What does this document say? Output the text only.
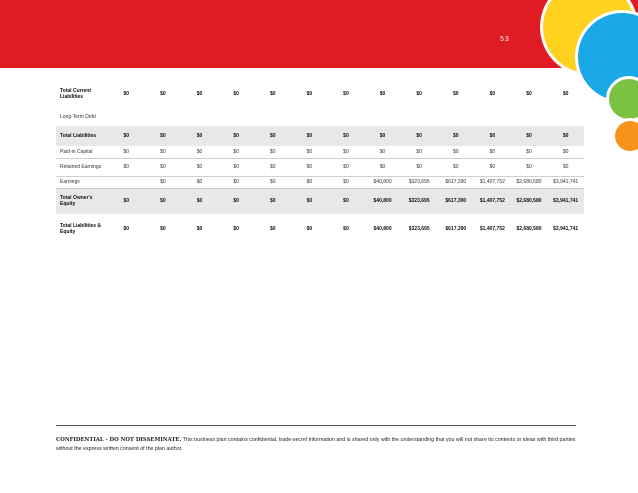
53
Total Current Liabilities	$0	$0	$0	$0	$0	$0	$0	$0	$0	$0	$0	$0	$0
Long-Term Debt													
Total Liabilities	$0	$0	$0	$0	$0	$0	$0	$0	$0	$0	$0	$0	$0
Paid-in Capital	$0	$0	$0	$0	$0	$0	$0	$0	$0	$0	$0	$0	$0
Retained Earnings	$0	$0	$0	$0	$0	$0	$0	$0	$0	$0	$0	$0	$0
Earnings		$0	$0	$0	$0	$0	$0	$40,800	$323,695	$617,390	$1,407,752	$2,680,580	$3,941,741
Total Owner's Equity	$0	$0	$0	$0	$0	$0	$0	$40,800	$323,695	$617,390	$1,407,752	$2,680,580	$3,941,741
Total Liabilities & Equity	$0	$0	$0	$0	$0	$0	$0	$40,800	$323,695	$617,390	$1,407,752	$2,680,580	$3,941,741
CONFIDENTIAL - DO NOT DISSEMINATE. This business plan contains confidential, trade-secret information and is shared only with the understanding that you will not share its contents or ideas with third parties without the express written consent of the plan author.
